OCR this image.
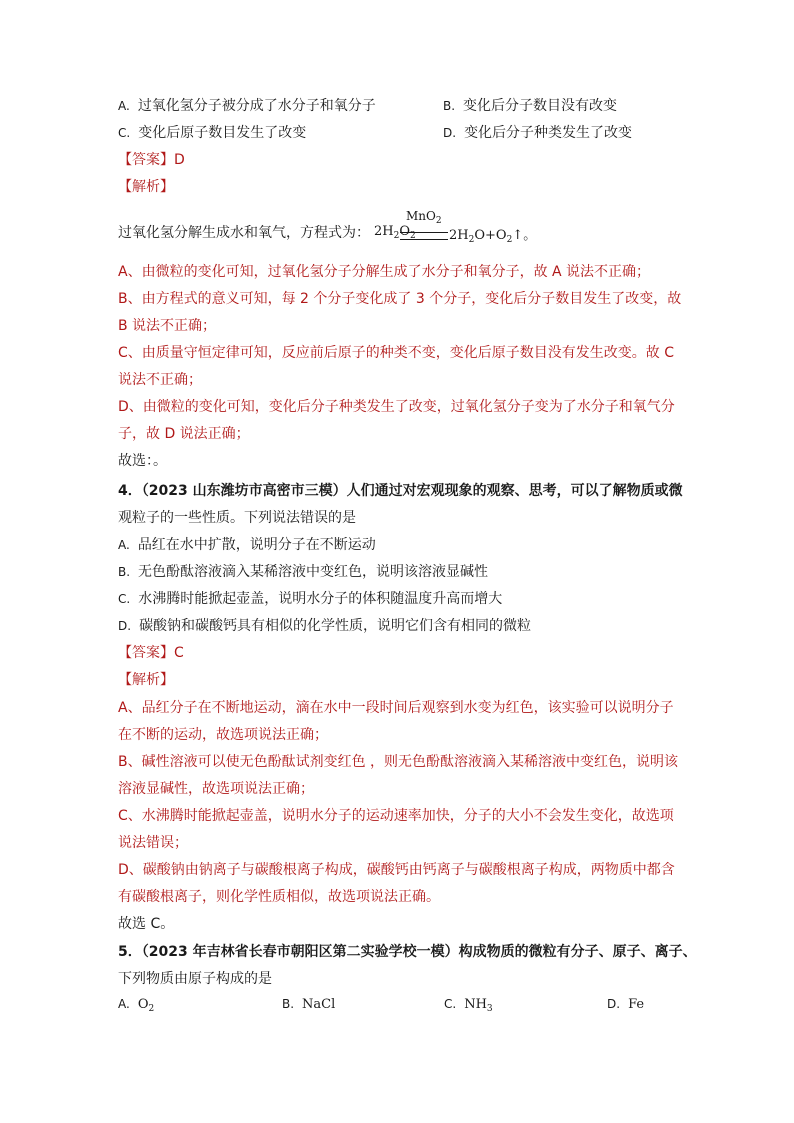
A. 过氧化氢分子被分成了水分子和氧分子	B. 变化后分子数目没有改变
C. 变化后原子数目发生了改变	D. 变化后分子种类发生了改变
【答案】D
【解析】
过氧化氢分解生成水和氧气，方程式为： $2H_2O_2$
MnO$_2$
$2H_2O+O_2↑$。
A、由微粒的变化可知，过氧化氢分子分解生成了水分子和氧分子，故 A 说法不正确；
B、由方程式的意义可知，每 2 个分子变化成了 3 个分子，变化后分子数目发生了改变，故
B 说法不正确；
C、由质量守恒定律可知，反应前后原子的种类不变，变化后原子数目没有发生改变。故 C
说法不正确；
D、由微粒的变化可知，变化后分子种类发生了改变，过氧化氢分子变为了水分子和氧气分
子，故 D 说法正确；
故选：。
4．（2023 山东潍坊市高密市三模）人们通过对宏观现象的观察、思考，可以了解物质或微
观粒子的一些性质。下列说法错误的是
A. 品红在水中扩散，说明分子在不断运动
B. 无色酚酞溶液滴入某稀溶液中变红色，说明该溶液显碱性
C. 水沸腾时能掀起壶盖，说明水分子的体积随温度升高而增大
D. 碳酸钠和碳酸钙具有相似的化学性质，说明它们含有相同的微粒
【答案】C
【解析】
A、品红分子在不断地运动，滴在水中一段时间后观察到水变为红色，该实验可以说明分子
在不断的运动，故选项说法正确；
B、碱性溶液可以使无色酚酞试剂变红色 ，则无色酚酞溶液滴入某稀溶液中变红色，说明该
溶液显碱性，故选项说法正确；
C、水沸腾时能掀起壶盖，说明水分子的运动速率加快，分子的大小不会发生变化，故选项
说法错误；
D、碳酸钠由钠离子与碳酸根离子构成，碳酸钙由钙离子与碳酸根离子构成，两物质中都含
有碳酸根离子，则化学性质相似，故选项说法正确。
故选 C。
5．（2023 年吉林省长春市朝阳区第二实验学校一模）构成物质的微粒有分子、原子、离子、
下列物质由原子构成的是
A. $O_2$	B. NaCl	C. $NH_3$	D. Fe
